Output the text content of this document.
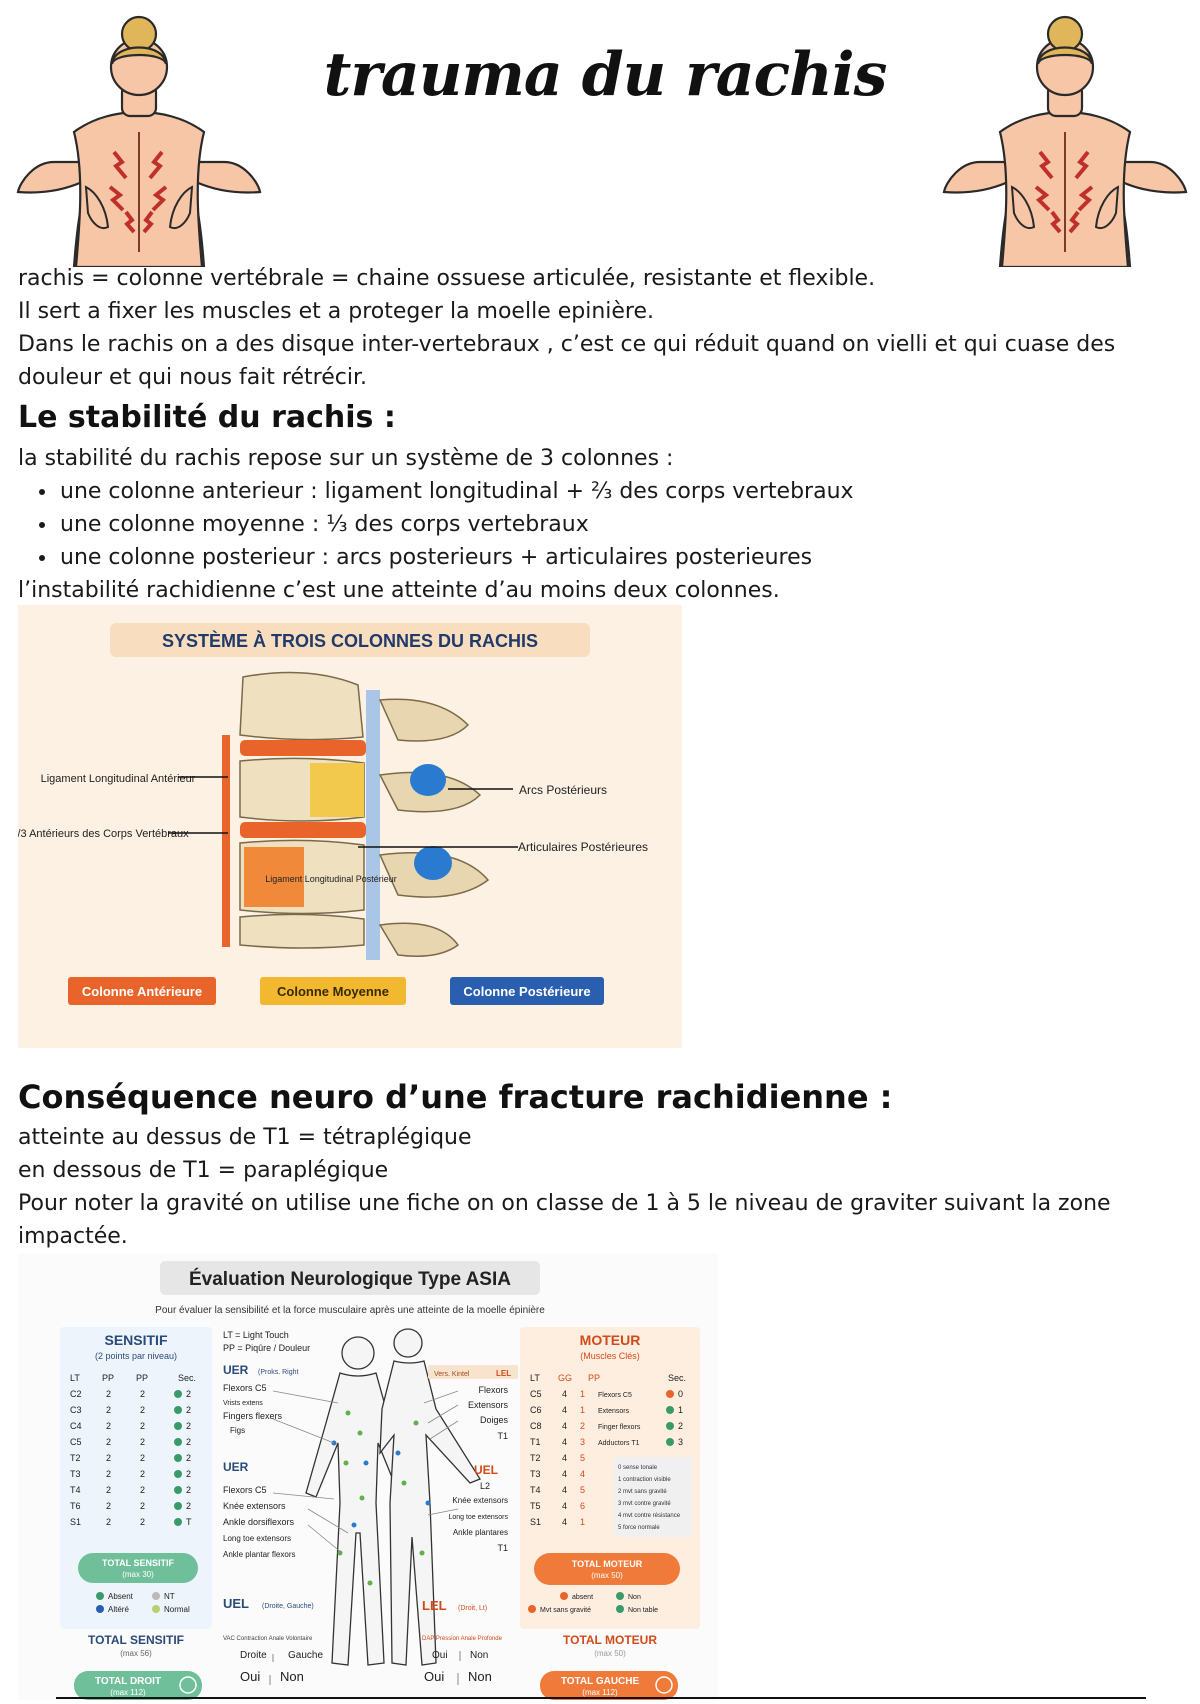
trauma du rachis

rachis = colonne vertébrale = chaine ossuese articulée, resistante et flexible.

Il sert a fixer les muscles et a proteger la moelle epinière.

Dans le rachis on a des disque inter-vertebraux , c’est ce qui réduit quand on vielli et qui cuase des douleur et qui nous fait rétrécir.

Le stabilité du rachis :

la stabilité du rachis repose sur un système de 3 colonnes :

• une colonne anterieur : ligament longitudinal + ⅔ des corps vertebraux
• une colonne moyenne : ⅓ des corps vertebraux
• une colonne posterieur : arcs posterieurs + articulaires posterieures

l’instabilité rachidienne c’est une atteinte d’au moins deux colonnes.

SYSTÈME À TROIS COLONNES DU RACHIS
Ligament Longitudinal Antérieur
2/3 Antérieurs des Corps Vertébraux
Ligament Longitudinal Postérieur
Arcs Postérieurs
Articulaires Postérieures
Colonne Antérieure	Colonne Moyenne	Colonne Postérieure
Conséquence neuro d’une fracture rachidienne :

atteinte au dessus de T1 = tétraplégique

en dessous de T1 = paraplégique

Pour noter la gravité on utilise une fiche on on classe de 1 à 5 le niveau de graviter suivant la zone impactée.

Évaluation Neurologique Type ASIA
Pour évaluer la sensibilité et la force musculaire après une atteinte de la moelle épinière
SENSITIF
(2 points par niveau)
LT PP PP	Sec.
C2	2	2	2
C3	2	2	2
C4	2	2	2
C5	2	2	2
T2	2	2	2
T3	2	2	2
T4	2	2	2
T6	2	2	2
S1	2	2	T
TOTAL SENSITIF
(max 30)
Absent	NT
Altéré	Normal
TOTAL SENSITIF
(max 56)
TOTAL DROIT
(max 112)
LT = Light Touch
PP = Piqûre / Douleur
UER (Proks. Right
Flexors C5
Vrists extens
Fingers flexers
Figs
UER
Flexors C5
Knée extensors
Ankle dorsiflexors
Long toe extensors
Ankle plantar flexors
UEL (Droite, Gauche)
VAC Contraction Anale Volontaire
Droite Gauche
Oui Non
Vers. Kintel	LEL
Flexors
Extensors
Doiges
T1
Knée extensors
Long toe extensors
Ankle plantares
T1
UEL
L2
LEL (Droit, Lt)
DAP Pression Anale Profonde
Oui Non
Oui Non
MOTEUR
(Muscles Clés)
LT GG PP	Sec.
C5 4 1 Flexors C5	0
C6 4 1 Extensors	1
C8 4 2 Finger flexors	2
T1 4 3 Adductors T1	3
T2 4 5
T3 4 4
T4 4 5
T5 4 6
S1 4 1
0 sense tonale
1 contraction visible
2 mvt sans gravité
3 mvt contre gravité
4 mvt contre résistance
5 force normale
TOTAL MOTEUR
(max 50)
absent	Non
Mvt sans gravité	Non table
TOTAL MOTEUR
(max 50)
TOTAL GAUCHE
(max 112)
